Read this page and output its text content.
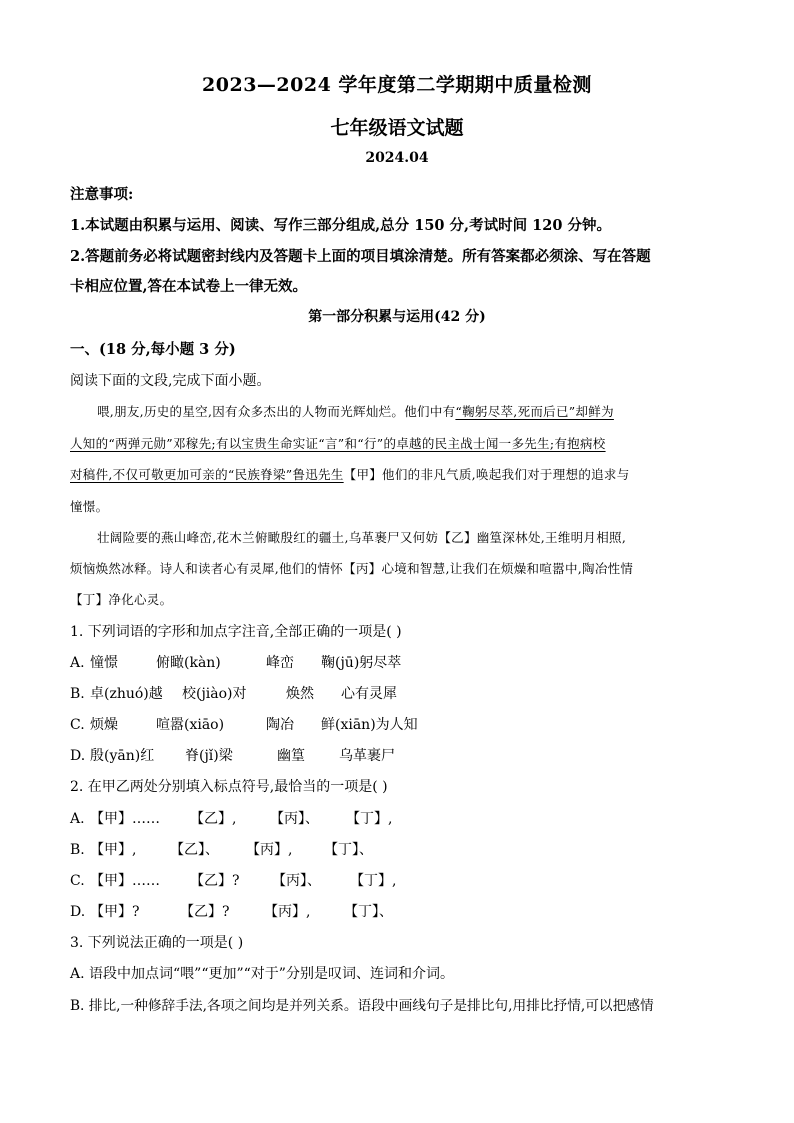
2023—2024 学年度第二学期期中质量检测
七年级语文试题
2024.04
注意事项:
1.本试题由积累与运用、阅读、写作三部分组成,总分 150 分,考试时间 120 分钟。
2.答题前务必将试题密封线内及答题卡上面的项目填涂清楚。所有答案都必须涂、写在答题
卡相应位置,答在本试卷上一律无效。
第一部分积累与运用(42 分)
一、(18 分,每小题 3 分)
阅读下面的文段,完成下面小题。
喂,朋友,历史的星空,因有众多杰出的人物而光辉灿烂。他们中有“鞠躬尽萃,死而后已”却鲜为
人知的“两弹元勋”邓稼先;有以宝贵生命实证“言”和“行”的卓越的民主战士闻一多先生;有抱病校
对稿件,不仅可敬更加可亲的“民族脊梁”鲁迅先生【甲】他们的非凡气质,唤起我们对于理想的追求与
憧憬。
壮阔险要的燕山峰峦,花木兰俯瞰殷红的疆土,乌革裹尸又何妨【乙】幽篁深林处,王维明月相照,
烦恼焕然冰释。诗人和读者心有灵犀,他们的情怀【丙】心境和智慧,让我们在烦燥和喧嚣中,陶冶性情
【丁】净化心灵。
1. 下列词语的字形和加点字注音,全部正确的一项是( )
A. 憧憬	俯瞰(kàn)	峰峦 鞠(jū)躬尽萃
B. 卓(zhuó)越 校(jiào)对	焕然 心有灵犀
C. 烦燥	喧嚣(xiāo)	陶冶 鲜(xiān)为人知
D. 殷(yān)红 脊(jǐ)梁	幽篁 乌革裹尸
2. 在甲乙两处分别填入标点符号,最恰当的一项是( )
A. 【甲】…… 【乙】, 【丙】、 【丁】,
B. 【甲】, 【乙】、 【丙】, 【丁】、
C. 【甲】…… 【乙】? 【丙】、 【丁】,
D. 【甲】?	【乙】? 【丙】, 【丁】、
3. 下列说法正确的一项是( )
A. 语段中加点词“喂”“更加”“对于”分别是叹词、连词和介词。
B. 排比,一种修辞手法,各项之间均是并列关系。语段中画线句子是排比句,用排比抒情,可以把感情
